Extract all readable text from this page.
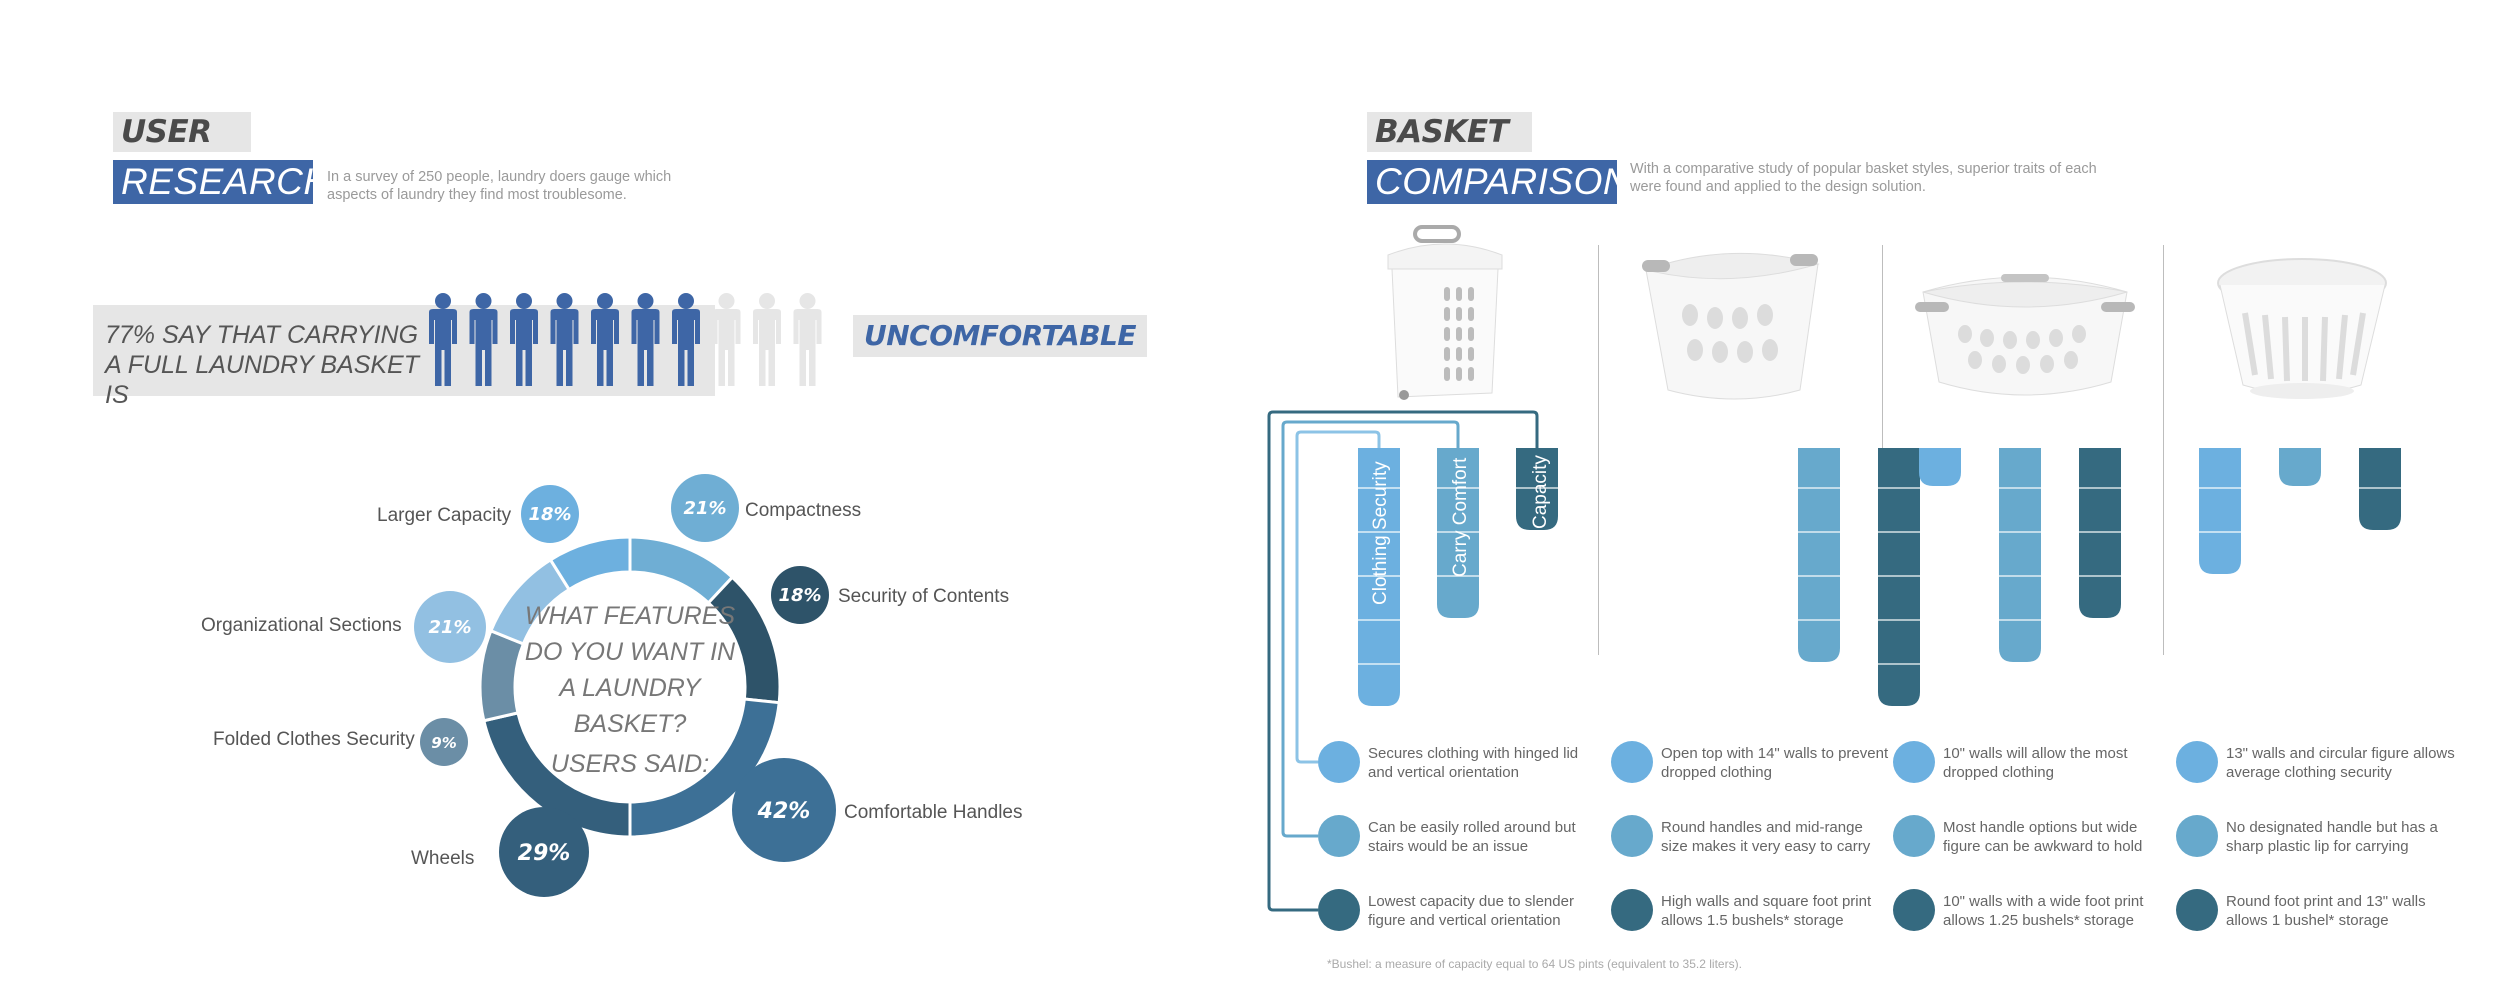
USER
RESEARCH
In a survey of 250 people, laundry doers gauge which aspects of laundry they find most troublesome.
77% SAY THAT CARRYING
A FULL LAUNDRY BASKET IS
UNCOMFORTABLE
21%
18%
42%
29%
9%
21%
18%
WHAT FEATURES
DO YOU WANT IN
A LAUNDRY BASKET?
USERS SAID:
Compactness
Security of Contents
Comfortable Handles
Wheels
Folded Clothes Security
Organizational Sections
Larger Capacity
BASKET
COMPARISON With a comparative study of popular basket styles, superior traits of each were found and applied to the design solution.
Clothing Security	Carry Comfort	Capacity
Secures clothing with hinged lid and vertical orientation
Can be easily rolled around but stairs would be an issue
Lowest capacity due to slender figure and vertical orientation
Open top with 14" walls to prevent dropped clothing
Round handles and mid-range size makes it very easy to carry
High walls and square foot print allows 1.5 bushels* storage
10" walls will allow the most dropped clothing
Most handle options but wide figure can be awkward to hold
10" walls with a wide foot print allows 1.25 bushels* storage
13" walls and circular figure allows average clothing security
No designated handle but has a sharp plastic lip for carrying
Round foot print and 13" walls allows 1 bushel* storage
*Bushel: a measure of capacity equal to 64 US pints (equivalent to 35.2 liters).
